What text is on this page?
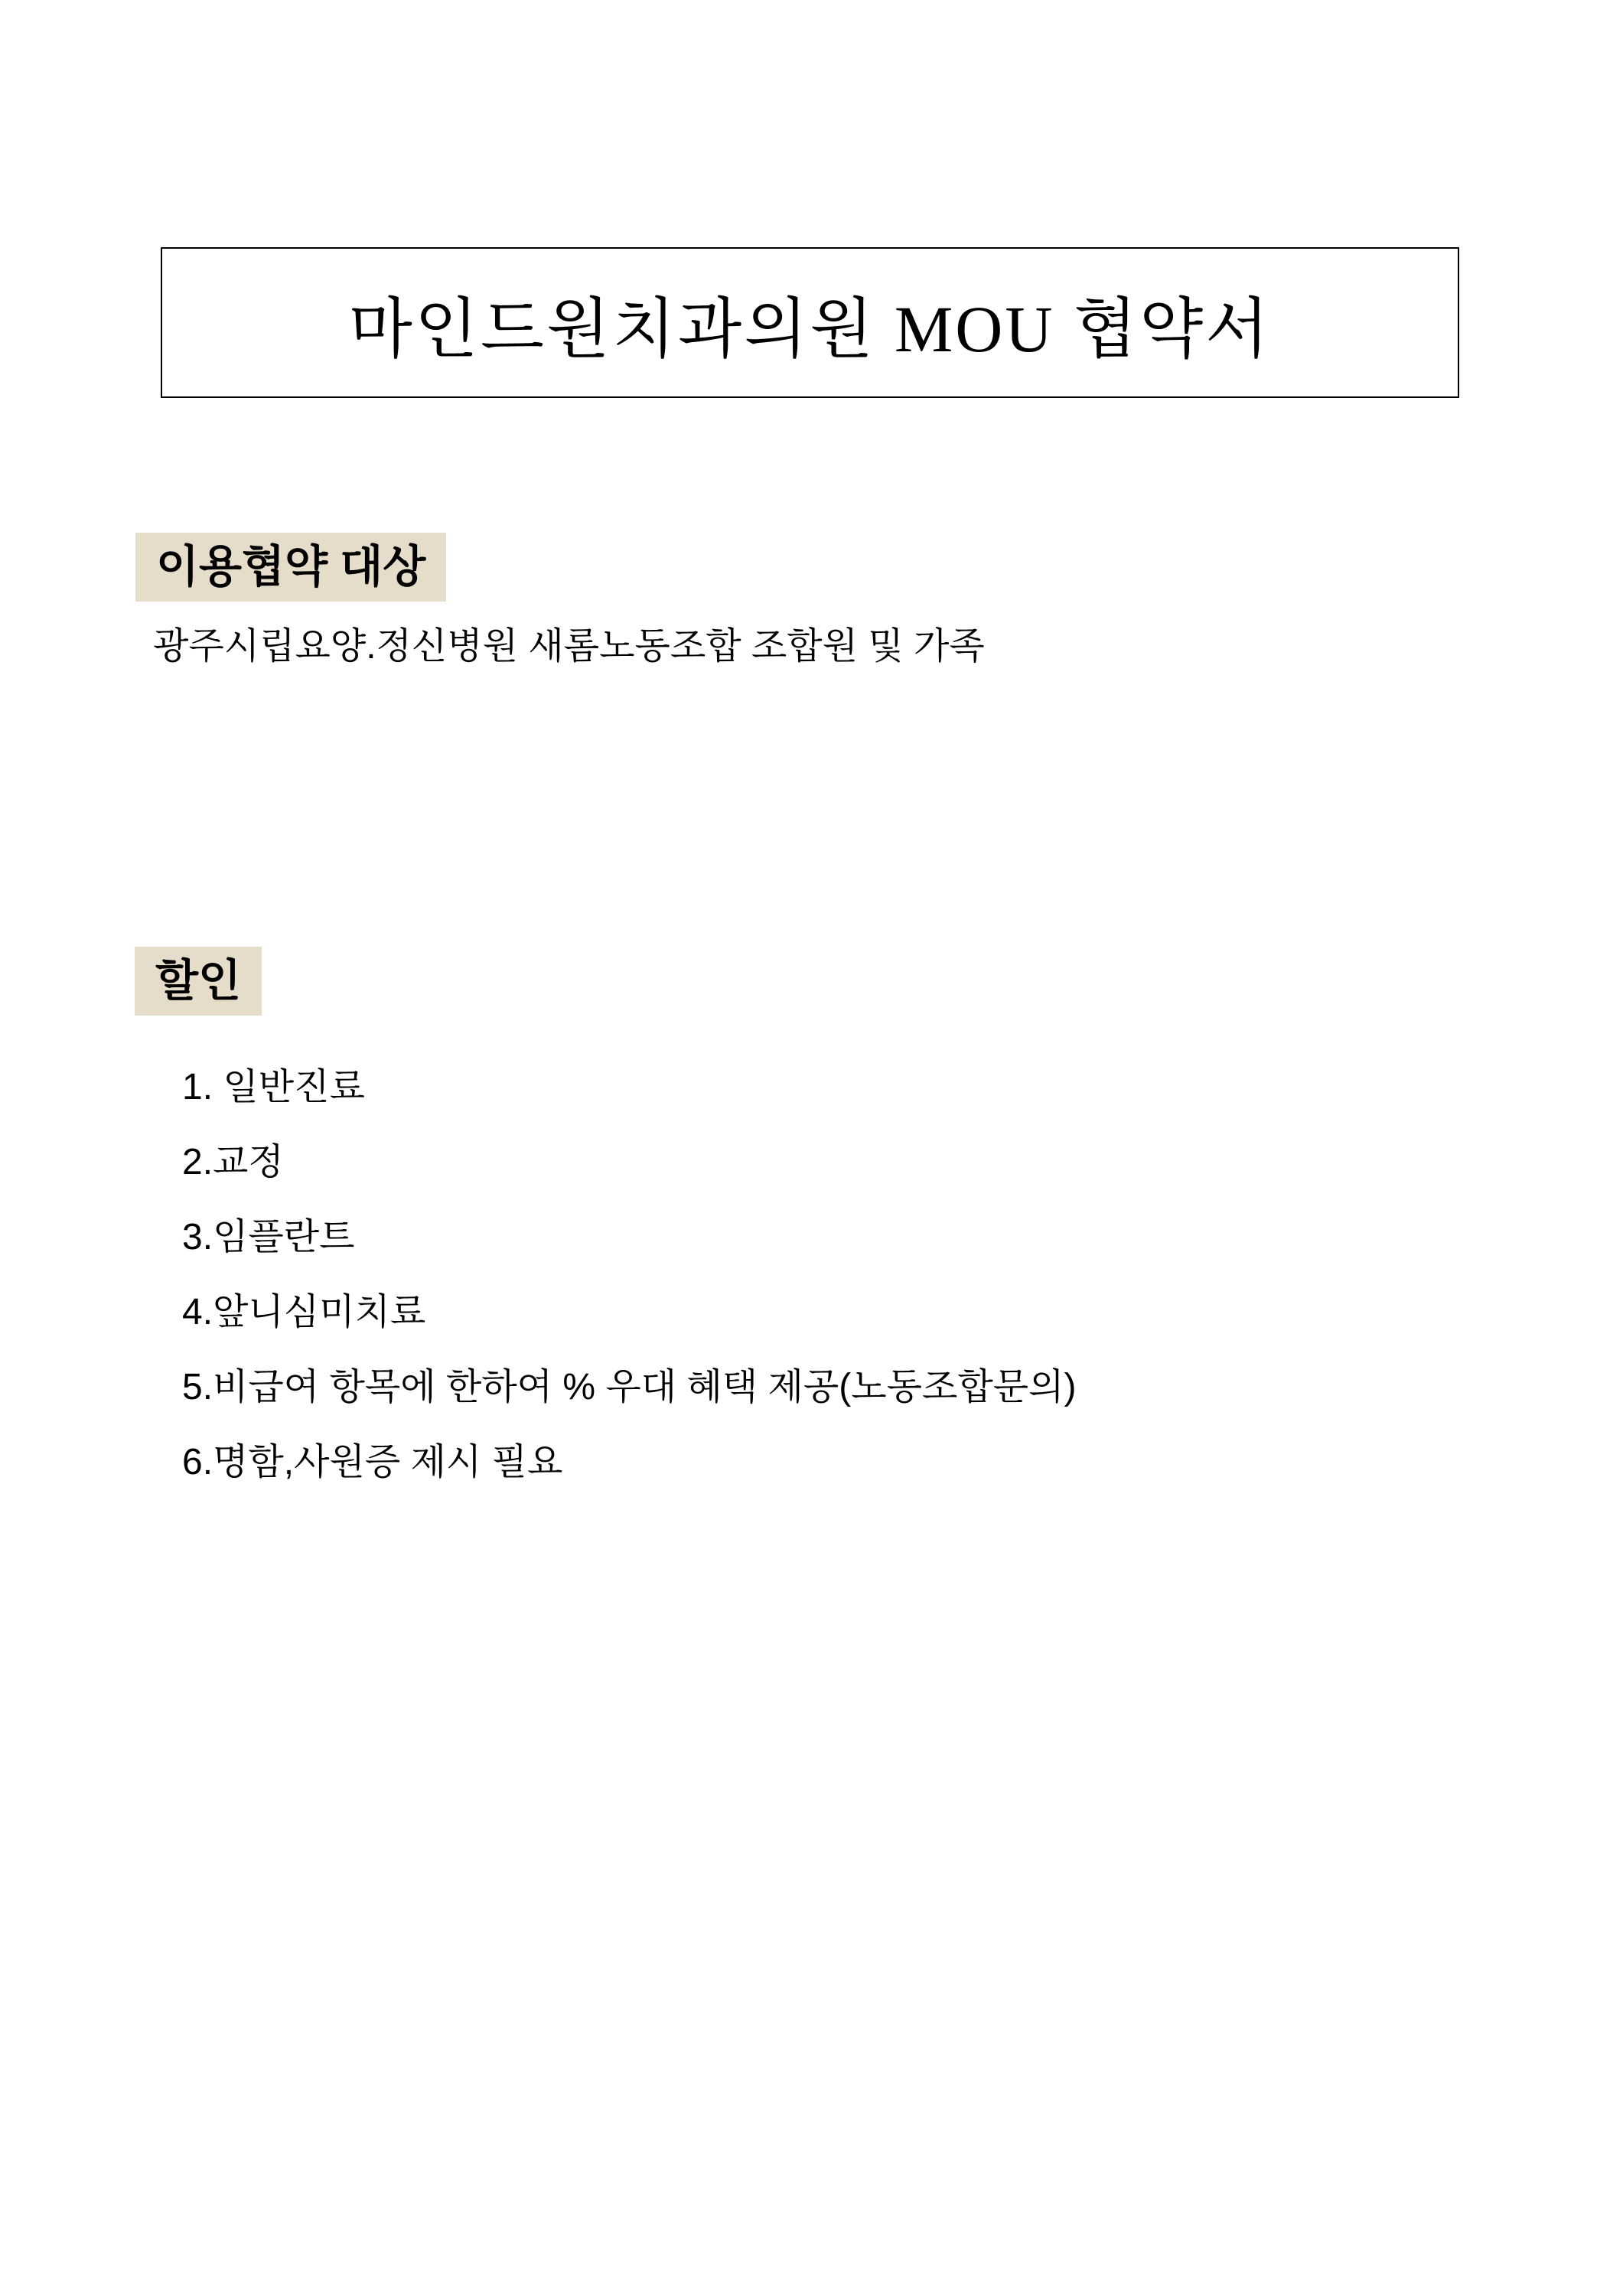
마인드원치과의원 MOU 협약서
이용협약 대상
광주시립요양.정신병원 새롬노동조합 조합원 및 가족
할인
1. 일반진료
2.교정
3.임플란트
4.앞니심미치료
5.비급여 항목에 한하여 % 우대 혜택 제공(노동조합문의)
6.명함,사원증 제시 필요
